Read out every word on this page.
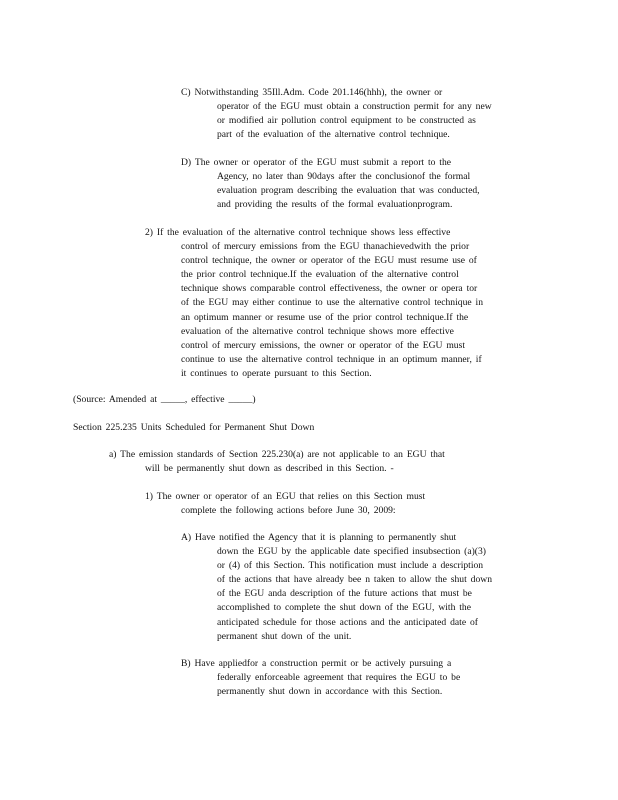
C) Notwithstanding 35Ill.Adm. Code 201.146(hhh), the owner or
operator of the EGU must obtain a construction permit for any new
or modified air pollution control equipment to be constructed as
part of the evaluation of the alternative control technique.
D) The owner or operator of the EGU must submit a report to the
Agency, no later than 90days after the conclusionof the formal
evaluation program describing the evaluation that was conducted,
and providing the results of the formal evaluationprogram.
2) If the evaluation of the alternative control technique shows less effective
control of mercury emissions from the EGU thanachievedwith the prior
control technique, the owner or operator of the EGU must resume use of
the prior control technique.If the evaluation of the alternative control
technique shows comparable control effectiveness, the owner or opera tor
of the EGU may either continue to use the alternative control technique in
an optimum manner or resume use of the prior control technique.If the
evaluation of the alternative control technique shows more effective
control of mercury emissions, the owner or operator of the EGU must
continue to use the alternative control technique in an optimum manner, if
it continues to operate pursuant to this Section.
(Source: Amended at _____, effective _____)
Section 225.235 Units Scheduled for Permanent Shut Down
a) The emission standards of Section 225.230(a) are not applicable to an EGU that
will be permanently shut down as described in this Section. -
1) The owner or operator of an EGU that relies on this Section must
complete the following actions before June 30, 2009:
A) Have notified the Agency that it is planning to permanently shut
down the EGU by the applicable date specified insubsection (a)(3)
or (4) of this Section. This notification must include a description
of the actions that have already bee n taken to allow the shut down
of the EGU anda description of the future actions that must be
accomplished to complete the shut down of the EGU, with the
anticipated schedule for those actions and the anticipated date of
permanent shut down of the unit.
B) Have appliedfor a construction permit or be actively pursuing a
federally enforceable agreement that requires the EGU to be
permanently shut down in accordance with this Section.
